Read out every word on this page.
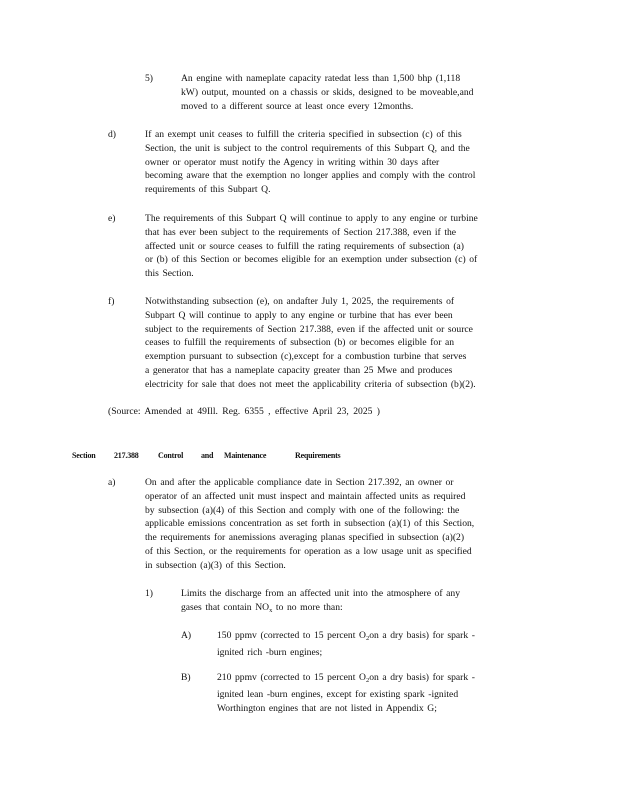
5)	An engine with nameplate capacity ratedat less than 1,500 bhp (1,118
kW) output, mounted on a chassis or skids, designed to be moveable,and
moved to a different source at least once every 12months.
d)	If an exempt unit ceases to fulfill the criteria specified in subsection (c) of this
Section, the unit is subject to the control requirements of this Subpart Q, and the
owner or operator must notify the Agency in writing within 30 days after
becoming aware that the exemption no longer applies and comply with the control
requirements of this Subpart Q.
e)	The requirements of this Subpart Q will continue to apply to any engine or turbine
that has ever been subject to the requirements of Section 217.388, even if the
affected unit or source ceases to fulfill the rating requirements of subsection (a)
or (b) of this Section or becomes eligible for an exemption under subsection (c) of
this Section.
f)	Notwithstanding subsection (e), on andafter July 1, 2025, the requirements of
Subpart Q will continue to apply to any engine or turbine that has ever been
subject to the requirements of Section 217.388, even if the affected unit or source
ceases to fulfill the requirements of subsection (b) or becomes eligible for an
exemption pursuant to subsection (c),except for a combustion turbine that serves
a generator that has a nameplate capacity greater than 25 Mwe and produces
electricity for sale that does not meet the applicability criteria of subsection (b)(2).
(Source: Amended at 49Ill. Reg. 6355 , effective April 23, 2025 )
Section 217.388 Control and Maintenance	Requirements
a)	On and after the applicable compliance date in Section 217.392, an owner or
operator of an affected unit must inspect and maintain affected units as required
by subsection (a)(4) of this Section and comply with one of the following: the
applicable emissions concentration as set forth in subsection (a)(1) of this Section,
the requirements for anemissions averaging planas specified in subsection (a)(2)
of this Section, or the requirements for operation as a low usage unit as specified
in subsection (a)(3) of this Section.
1)	Limits the discharge from an affected unit into the atmosphere of any
gases that contain $NO_x$ to no more than:
A)	150 ppmv (corrected to 15 percent $O_2on$ a dry basis) for spark -
ignited rich -burn engines;
B)	210 ppmv (corrected to 15 percent $O_2on$ a dry basis) for spark -
ignited lean -burn engines, except for existing spark -ignited
Worthington engines that are not listed in Appendix G;
